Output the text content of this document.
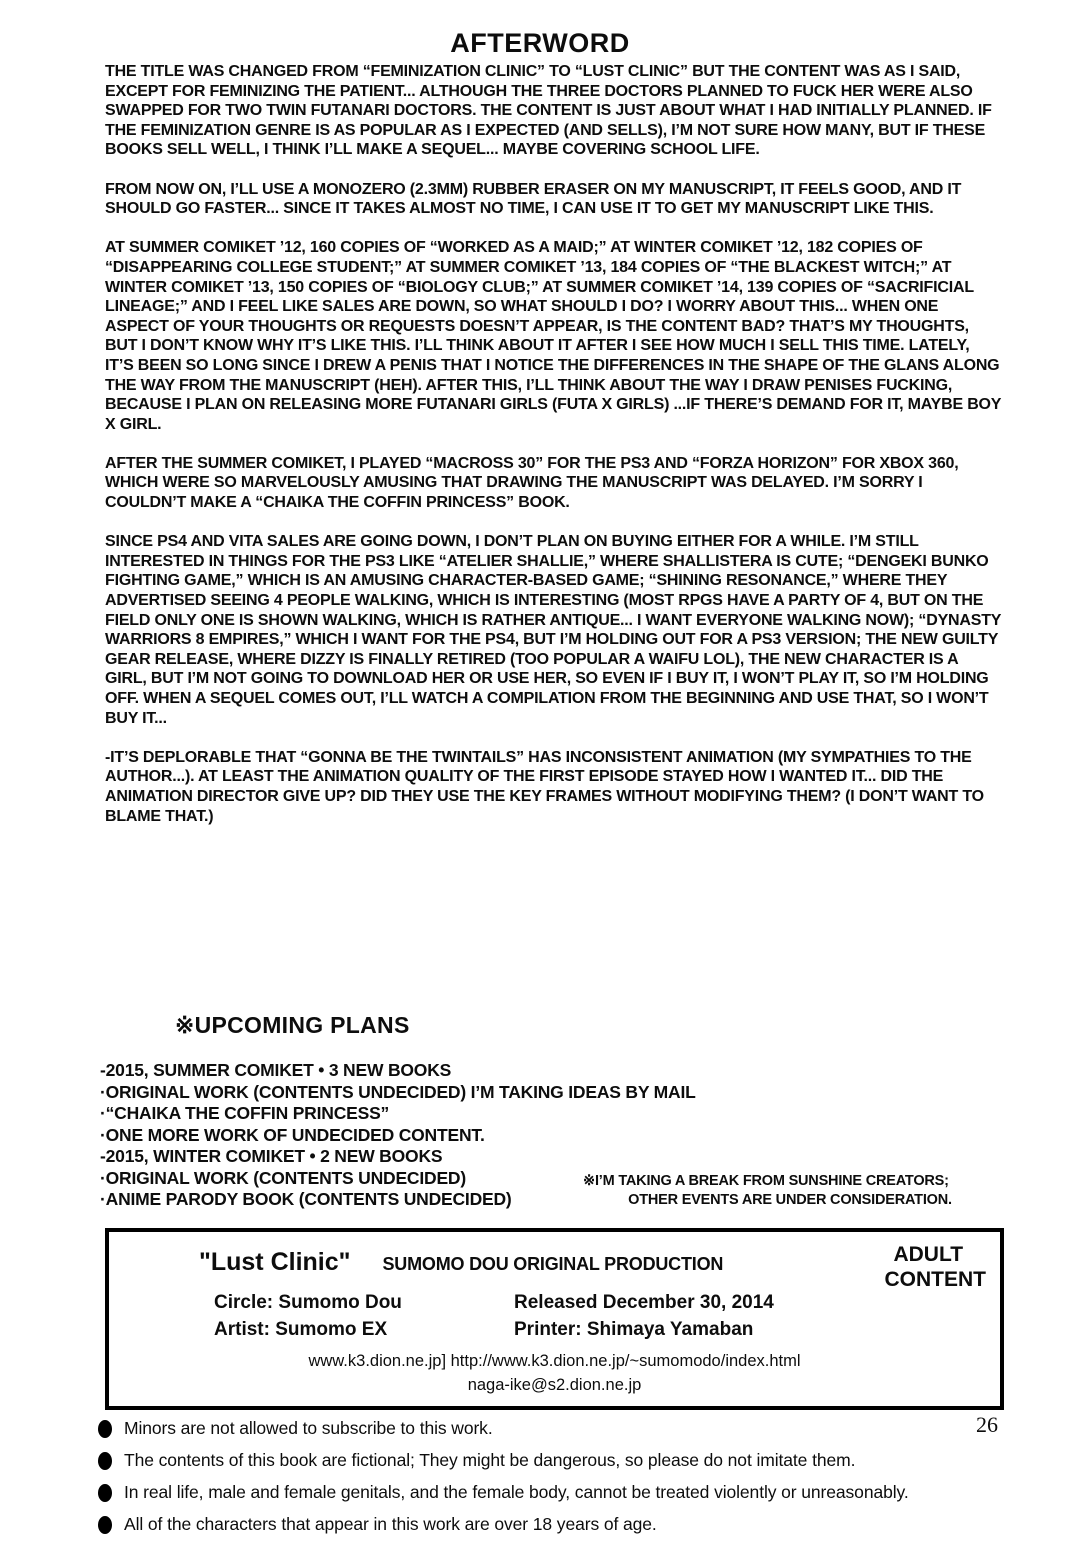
AFTERWORD

THE TITLE WAS CHANGED FROM “FEMINIZATION CLINIC” TO “LUST CLINIC” BUT THE CONTENT WAS AS I SAID, EXCEPT FOR FEMINIZING THE PATIENT... ALTHOUGH THE THREE DOCTORS PLANNED TO FUCK HER WERE ALSO SWAPPED FOR TWO TWIN FUTANARI DOCTORS. THE CONTENT IS JUST ABOUT WHAT I HAD INITIALLY PLANNED. IF THE FEMINIZATION GENRE IS AS POPULAR AS I EXPECTED (AND SELLS), I’M NOT SURE HOW MANY, BUT IF THESE BOOKS SELL WELL, I THINK I’LL MAKE A SEQUEL... MAYBE COVERING SCHOOL LIFE.

FROM NOW ON, I’LL USE A MONOZERO (2.3MM) RUBBER ERASER ON MY MANUSCRIPT, IT FEELS GOOD, AND IT SHOULD GO FASTER... SINCE IT TAKES ALMOST NO TIME, I CAN USE IT TO GET MY MANUSCRIPT LIKE THIS.

AT SUMMER COMIKET ’12, 160 COPIES OF “WORKED AS A MAID;” AT WINTER COMIKET ’12, 182 COPIES OF “DISAPPEARING COLLEGE STUDENT;” AT SUMMER COMIKET ’13, 184 COPIES OF “THE BLACKEST WITCH;” AT WINTER COMIKET ’13, 150 COPIES OF “BIOLOGY CLUB;” AT SUMMER COMIKET ’14, 139 COPIES OF “SACRIFICIAL LINEAGE;” AND I FEEL LIKE SALES ARE DOWN, SO WHAT SHOULD I DO? I WORRY ABOUT THIS... WHEN ONE ASPECT OF YOUR THOUGHTS OR REQUESTS DOESN’T APPEAR, IS THE CONTENT BAD? THAT’S MY THOUGHTS, BUT I DON’T KNOW WHY IT’S LIKE THIS. I’LL THINK ABOUT IT AFTER I SEE HOW MUCH I SELL THIS TIME. LATELY, IT’S BEEN SO LONG SINCE I DREW A PENIS THAT I NOTICE THE DIFFERENCES IN THE SHAPE OF THE GLANS ALONG THE WAY FROM THE MANUSCRIPT (HEH). AFTER THIS, I’LL THINK ABOUT THE WAY I DRAW PENISES FUCKING, BECAUSE I PLAN ON RELEASING MORE FUTANARI GIRLS (FUTA X GIRLS) ...IF THERE’S DEMAND FOR IT, MAYBE BOY X GIRL.

AFTER THE SUMMER COMIKET, I PLAYED “MACROSS 30” FOR THE PS3 AND “FORZA HORIZON” FOR XBOX 360, WHICH WERE SO MARVELOUSLY AMUSING THAT DRAWING THE MANUSCRIPT WAS DELAYED. I’M SORRY I COULDN’T MAKE A “CHAIKA THE COFFIN PRINCESS” BOOK.

SINCE PS4 AND VITA SALES ARE GOING DOWN, I DON’T PLAN ON BUYING EITHER FOR A WHILE. I’M STILL INTERESTED IN THINGS FOR THE PS3 LIKE “ATELIER SHALLIE,” WHERE SHALLISTERA IS CUTE; “DENGEKI BUNKO FIGHTING GAME,” WHICH IS AN AMUSING CHARACTER-BASED GAME; “SHINING RESONANCE,” WHERE THEY ADVERTISED SEEING 4 PEOPLE WALKING, WHICH IS INTERESTING (MOST RPGS HAVE A PARTY OF 4, BUT ON THE FIELD ONLY ONE IS SHOWN WALKING, WHICH IS RATHER ANTIQUE... I WANT EVERYONE WALKING NOW); “DYNASTY WARRIORS 8 EMPIRES,” WHICH I WANT FOR THE PS4, BUT I’M HOLDING OUT FOR A PS3 VERSION; THE NEW GUILTY GEAR RELEASE, WHERE DIZZY IS FINALLY RETIRED (TOO POPULAR A WAIFU LOL), THE NEW CHARACTER IS A GIRL, BUT I’M NOT GOING TO DOWNLOAD HER OR USE HER, SO EVEN IF I BUY IT, I WON’T PLAY IT, SO I’M HOLDING OFF. WHEN A SEQUEL COMES OUT, I’LL WATCH A COMPILATION FROM THE BEGINNING AND USE THAT, SO I WON’T BUY IT...

-IT’S DEPLORABLE THAT “GONNA BE THE TWINTAILS” HAS INCONSISTENT ANIMATION (MY SYMPATHIES TO THE AUTHOR...). AT LEAST THE ANIMATION QUALITY OF THE FIRST EPISODE STAYED HOW I WANTED IT... DID THE ANIMATION DIRECTOR GIVE UP? DID THEY USE THE KEY FRAMES WITHOUT MODIFYING THEM? (I DON’T WANT TO BLAME THAT.)

※UPCOMING PLANS
-2015, SUMMER COMIKET • 3 NEW BOOKS
·ORIGINAL WORK (CONTENTS UNDECIDED) I’M TAKING IDEAS BY MAIL
·“CHAIKA THE COFFIN PRINCESS”
·ONE MORE WORK OF UNDECIDED CONTENT.
-2015, WINTER COMIKET • 2 NEW BOOKS
·ORIGINAL WORK (CONTENTS UNDECIDED)
·ANIME PARODY BOOK (CONTENTS UNDECIDED)
※I’M TAKING A BREAK FROM SUNSHINE CREATORS;
OTHER EVENTS ARE UNDER CONSIDERATION.
ADULT
CONTENT
"Lust Clinic" SUMOMO DOU ORIGINAL PRODUCTION
Circle: Sumomo Dou
Artist: Sumomo EX
Released December 30, 2014
Printer: Shimaya Yamaban
www.k3.dion.ne.jp] http://www.k3.dion.ne.jp/~sumomodo/index.html
naga-ike@s2.dion.ne.jp
Minors are not allowed to subscribe to this work.
The contents of this book are fictional; They might be dangerous, so please do not imitate them.
In real life, male and female genitals, and the female body, cannot be treated violently or unreasonably.
All of the characters that appear in this work are over 18 years of age.
26
